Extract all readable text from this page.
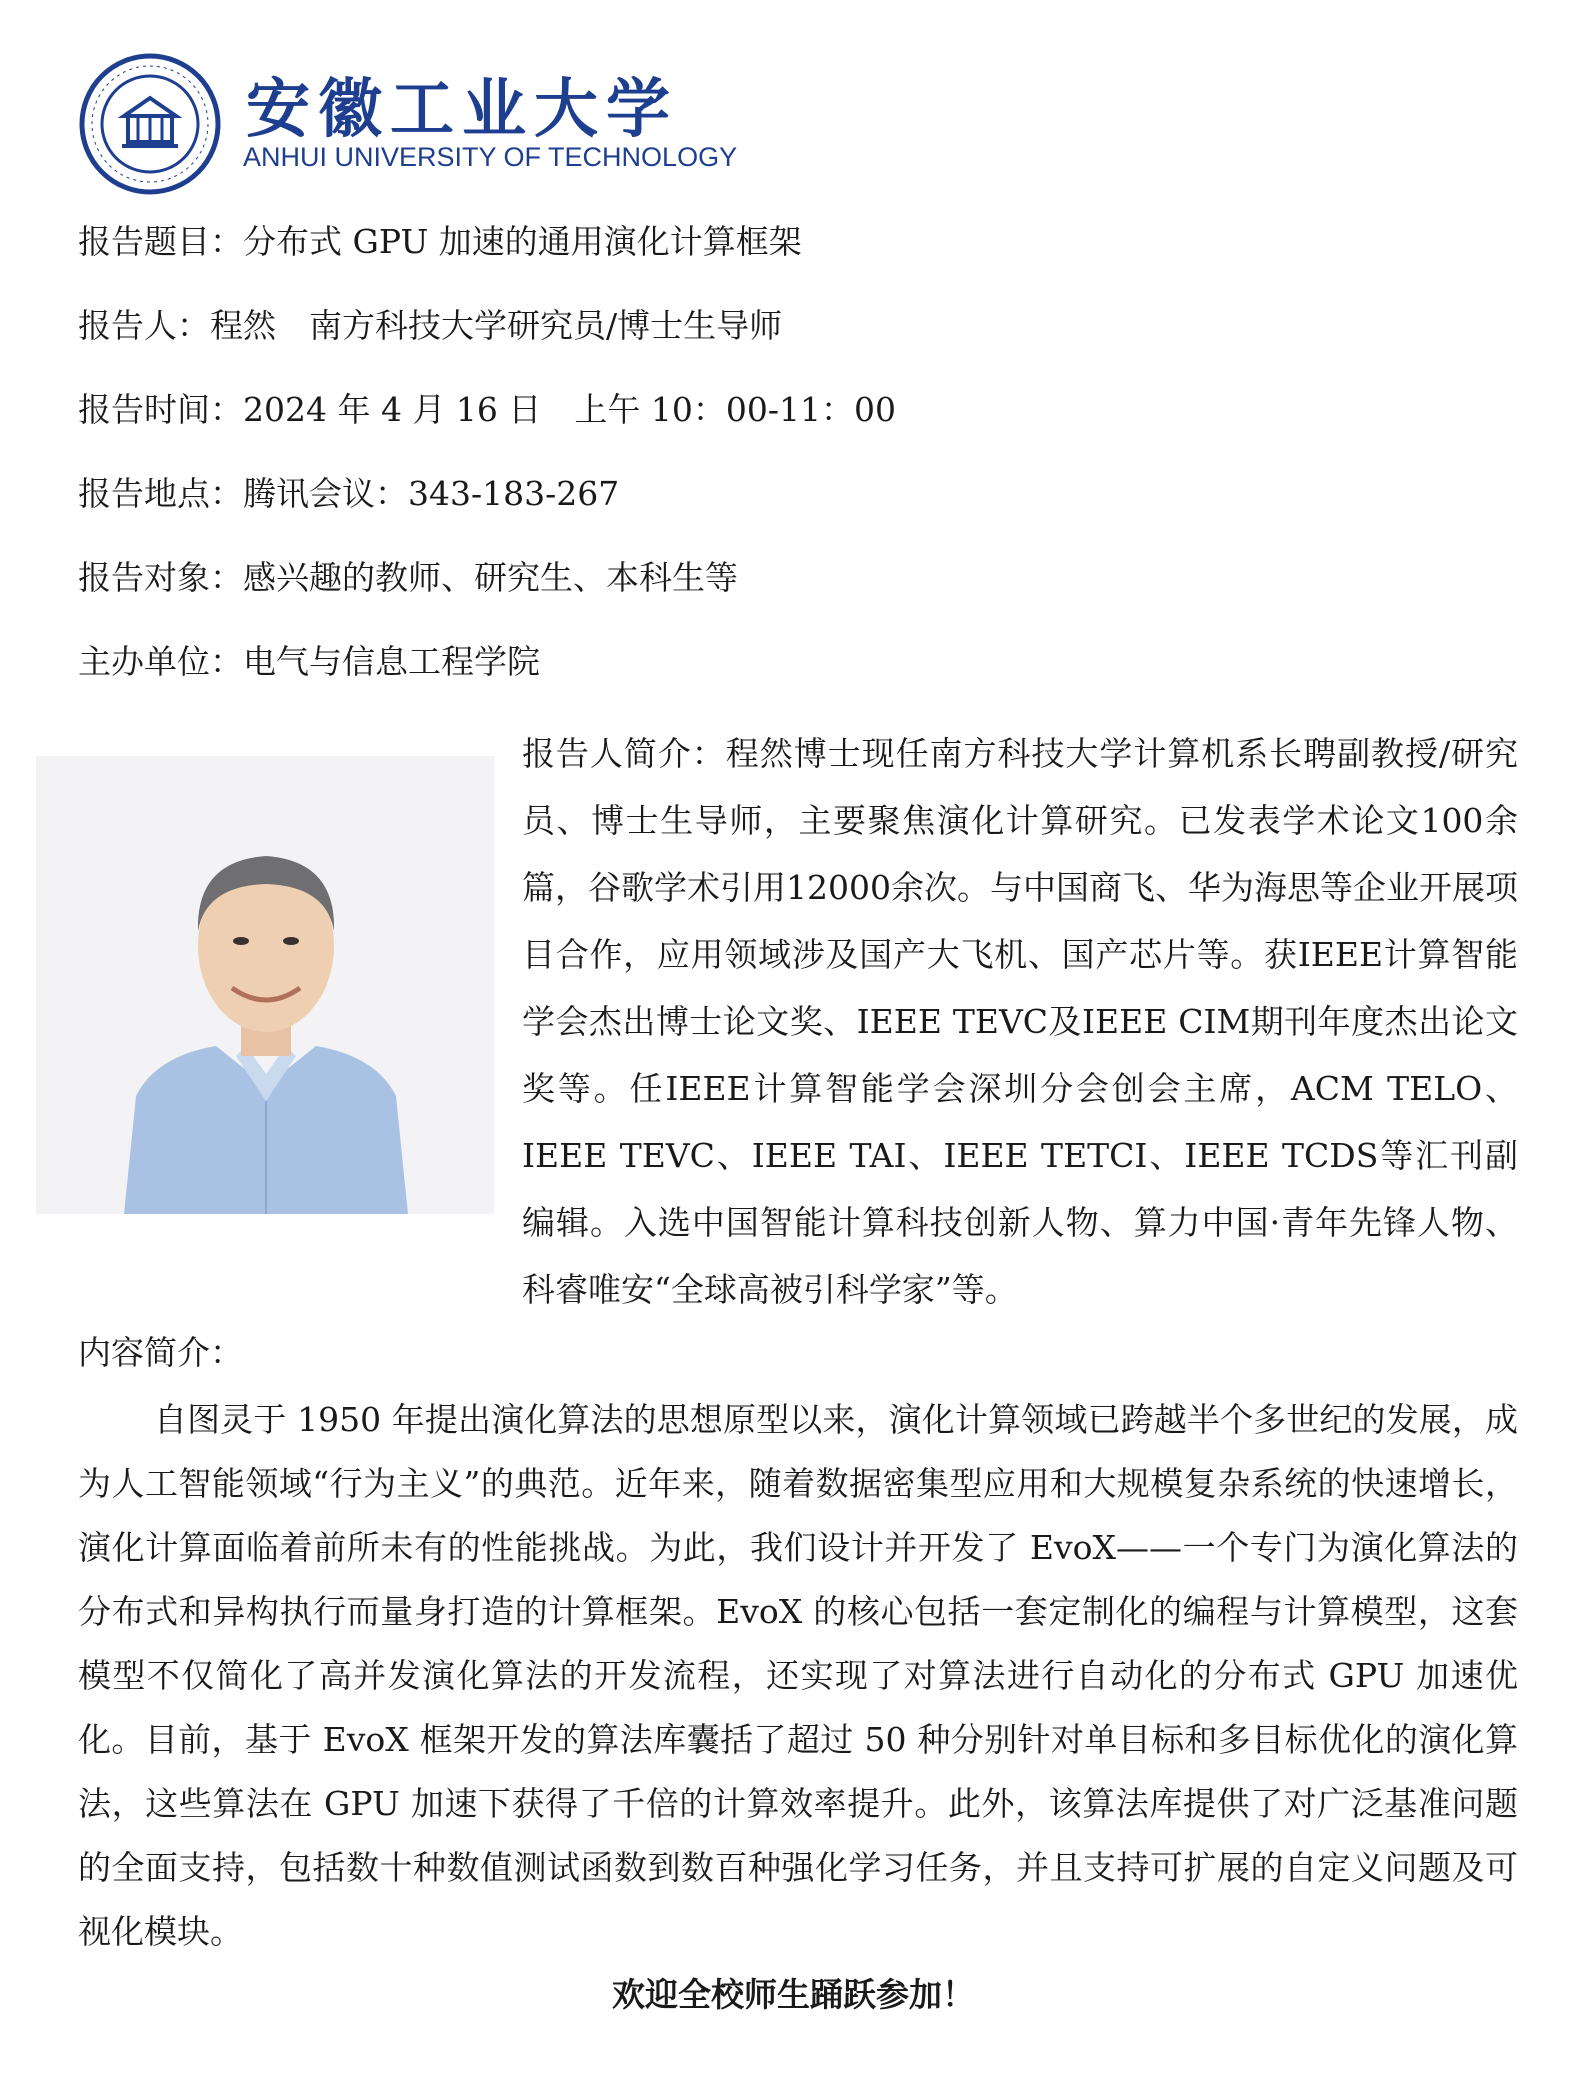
安徽工业大学
ANHUI UNIVERSITY OF TECHNOLOGY
报告题目：分布式 GPU 加速的通用演化计算框架
报告人：程然　南方科技大学研究员/博士生导师
报告时间：2024 年 4 月 16 日　上午 10：00-11：00
报告地点：腾讯会议：343-183-267
报告对象：感兴趣的教师、研究生、本科生等
主办单位：电气与信息工程学院
报告人简介：程然博士现任南方科技大学计算机系长聘副教授/研究员、博士生导师，主要聚焦演化计算研究。已发表学术论文100余篇，谷歌学术引用12000余次。与中国商飞、华为海思等企业开展项目合作，应用领域涉及国产大飞机、国产芯片等。获IEEE计算智能学会杰出博士论文奖、IEEE TEVC及IEEE CIM期刊年度杰出论文奖等。任IEEE计算智能学会深圳分会创会主席，ACM TELO、IEEE TEVC、IEEE TAI、IEEE TETCI、IEEE TCDS等汇刊副编辑。入选中国智能计算科技创新人物、算力中国·青年先锋人物、科睿唯安“全球高被引科学家”等。
内容简介：
自图灵于 1950 年提出演化算法的思想原型以来，演化计算领域已跨越半个多世纪的发展，成为人工智能领域“行为主义”的典范。近年来，随着数据密集型应用和大规模复杂系统的快速增长，演化计算面临着前所未有的性能挑战。为此，我们设计并开发了 EvoX——一个专门为演化算法的分布式和异构执行而量身打造的计算框架。EvoX 的核心包括一套定制化的编程与计算模型，这套模型不仅简化了高并发演化算法的开发流程，还实现了对算法进行自动化的分布式 GPU 加速优化。目前，基于 EvoX 框架开发的算法库囊括了超过 50 种分别针对单目标和多目标优化的演化算法，这些算法在 GPU 加速下获得了千倍的计算效率提升。此外，该算法库提供了对广泛基准问题的全面支持，包括数十种数值测试函数到数百种强化学习任务，并且支持可扩展的自定义问题及可视化模块。
欢迎全校师生踊跃参加！
